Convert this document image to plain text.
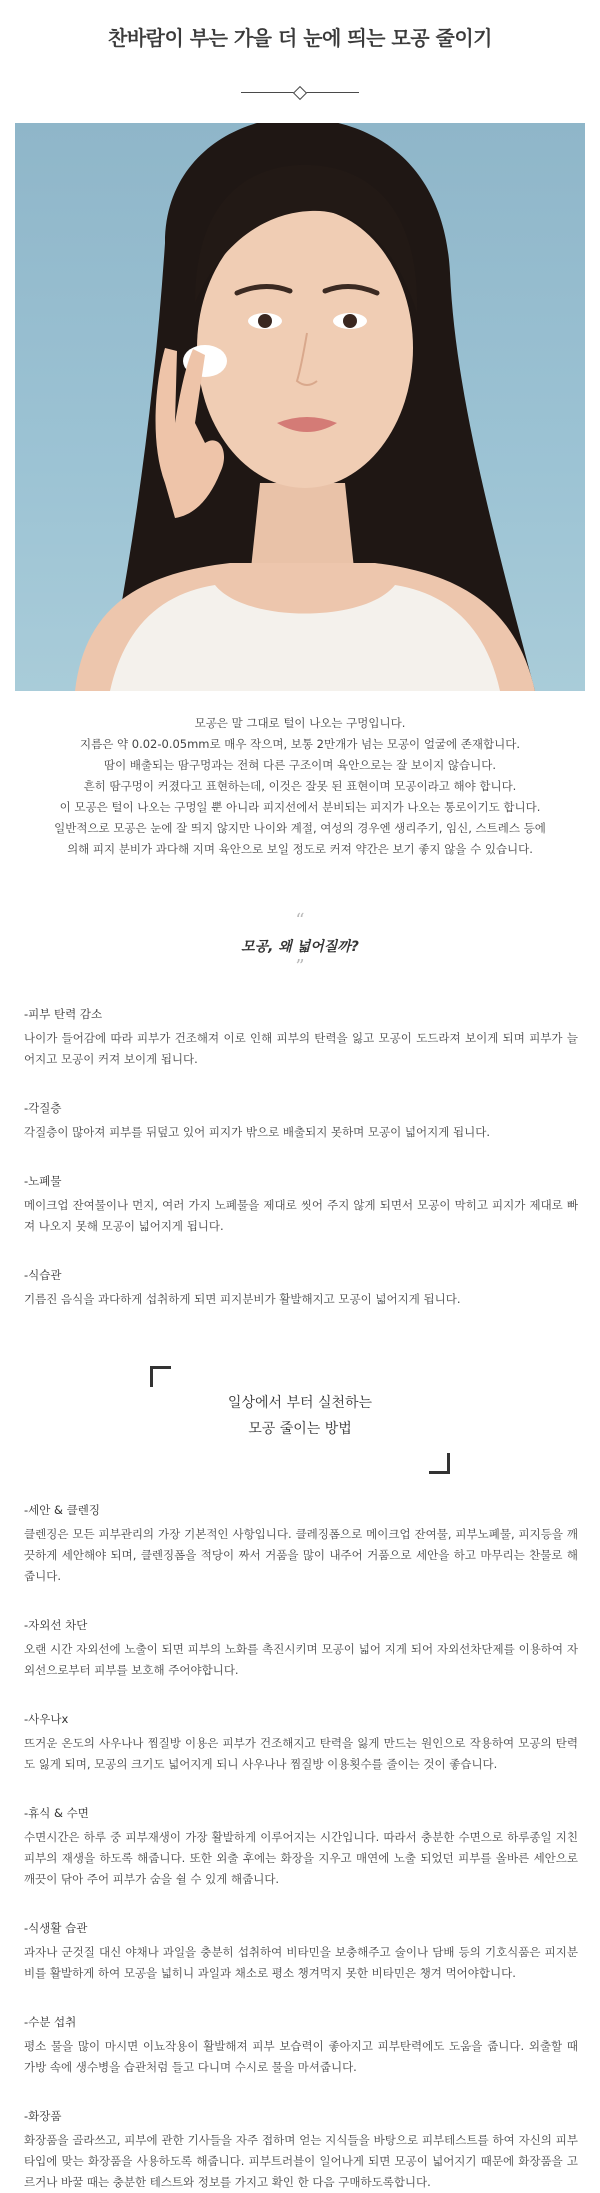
찬바람이 부는 가을 더 눈에 띄는 모공 줄이기

모공은 말 그대로 털이 나오는 구멍입니다.

지름은 약 0.02-0.05mm로 매우 작으며, 보통 2만개가 넘는 모공이 얼굴에 존재합니다.

땀이 배출되는 땀구멍과는 전혀 다른 구조이며 육안으로는 잘 보이지 않습니다.

흔히 땀구멍이 커졌다고 표현하는데, 이것은 잘못 된 표현이며 모공이라고 해야 합니다.

이 모공은 털이 나오는 구멍일 뿐 아니라 피지선에서 분비되는 피지가 나오는 통로이기도 합니다.

일반적으로 모공은 눈에 잘 띄지 않지만 나이와 계절, 여성의 경우엔 생리주기, 임신, 스트레스 등에

의해 피지 분비가 과다해 지며 육안으로 보일 정도로 커져 약간은 보기 좋지 않을 수 있습니다.

“
모공, 왜 넓어질까?
”

-피부 탄력 감소

나이가 들어감에 따라 피부가 건조해져 이로 인해 피부의 탄력을 잃고 모공이 도드라져 보이게 되며 피부가 늘어지고 모공이 커져 보이게 됩니다.

-각질층

각질층이 많아져 피부를 뒤덮고 있어 피지가 밖으로 배출되지 못하며 모공이 넓어지게 됩니다.

-노폐물

메이크업 잔여물이나 먼지, 여러 가지 노폐물을 제대로 씻어 주지 않게 되면서 모공이 막히고 피지가 제대로 빠져 나오지 못해 모공이 넓어지게 됩니다.

-식습관

기름진 음식을 과다하게 섭취하게 되면 피지분비가 활발해지고 모공이 넓어지게 됩니다.

일상에서 부터 실천하는
모공 줄이는 방법

-세안 & 클렌징

클렌징은 모든 피부관리의 가장 기본적인 사항입니다. 클레징폼으로 메이크업 잔여물, 피부노폐물, 피지등을 깨끗하게 세안해야 되며, 클렌징폼을 적당이 짜서 거품을 많이 내주어 거품으로 세안을 하고 마무리는 찬물로 해줍니다.

-자외선 차단

오랜 시간 자외선에 노출이 되면 피부의 노화를 촉진시키며 모공이 넓어 지게 되어 자외선차단제를 이용하여 자외선으로부터 피부를 보호해 주어야합니다.

-사우나x

뜨거운 온도의 사우나나 찜질방 이용은 피부가 건조해지고 탄력을 잃게 만드는 원인으로 작용하여 모공의 탄력도 잃게 되며, 모공의 크기도 넓어지게 되니 사우나나 찜질방 이용횟수를 줄이는 것이 좋습니다.

-휴식 & 수면

수면시간은 하루 중 피부재생이 가장 활발하게 이루어지는 시간입니다. 따라서 충분한 수면으로 하루종일 지친 피부의 재생을 하도록 해줍니다. 또한 외출 후에는 화장을 지우고 매연에 노출 되었던 피부를 올바른 세안으로 깨끗이 닦아 주어 피부가 숨을 쉴 수 있게 해줍니다.

-식생활 습관

과자나 군것질 대신 야채나 과일을 충분히 섭취하여 비타민을 보충해주고 술이나 담배 등의 기호식품은 피지분비를 활발하게 하여 모공을 넓히니 과일과 채소로 평소 챙겨먹지 못한 비타민은 챙겨 먹어야합니다.

-수분 섭취

평소 물을 많이 마시면 이뇨작용이 활발해져 피부 보습력이 좋아지고 피부탄력에도 도움을 줍니다. 외출할 때 가방 속에 생수병을 습관처럼 들고 다니며 수시로 물을 마셔줍니다.

-화장품

화장품을 골라쓰고, 피부에 관한 기사들을 자주 접하며 얻는 지식들을 바탕으로 피부테스트를 하여 자신의 피부 타입에 맞는 화장품을 사용하도록 해줍니다. 피부트러블이 일어나게 되면 모공이 넓어지기 때문에 화장품을 고르거나 바꿀 때는 충분한 테스트와 정보를 가지고 확인 한 다음 구매하도록합니다.
